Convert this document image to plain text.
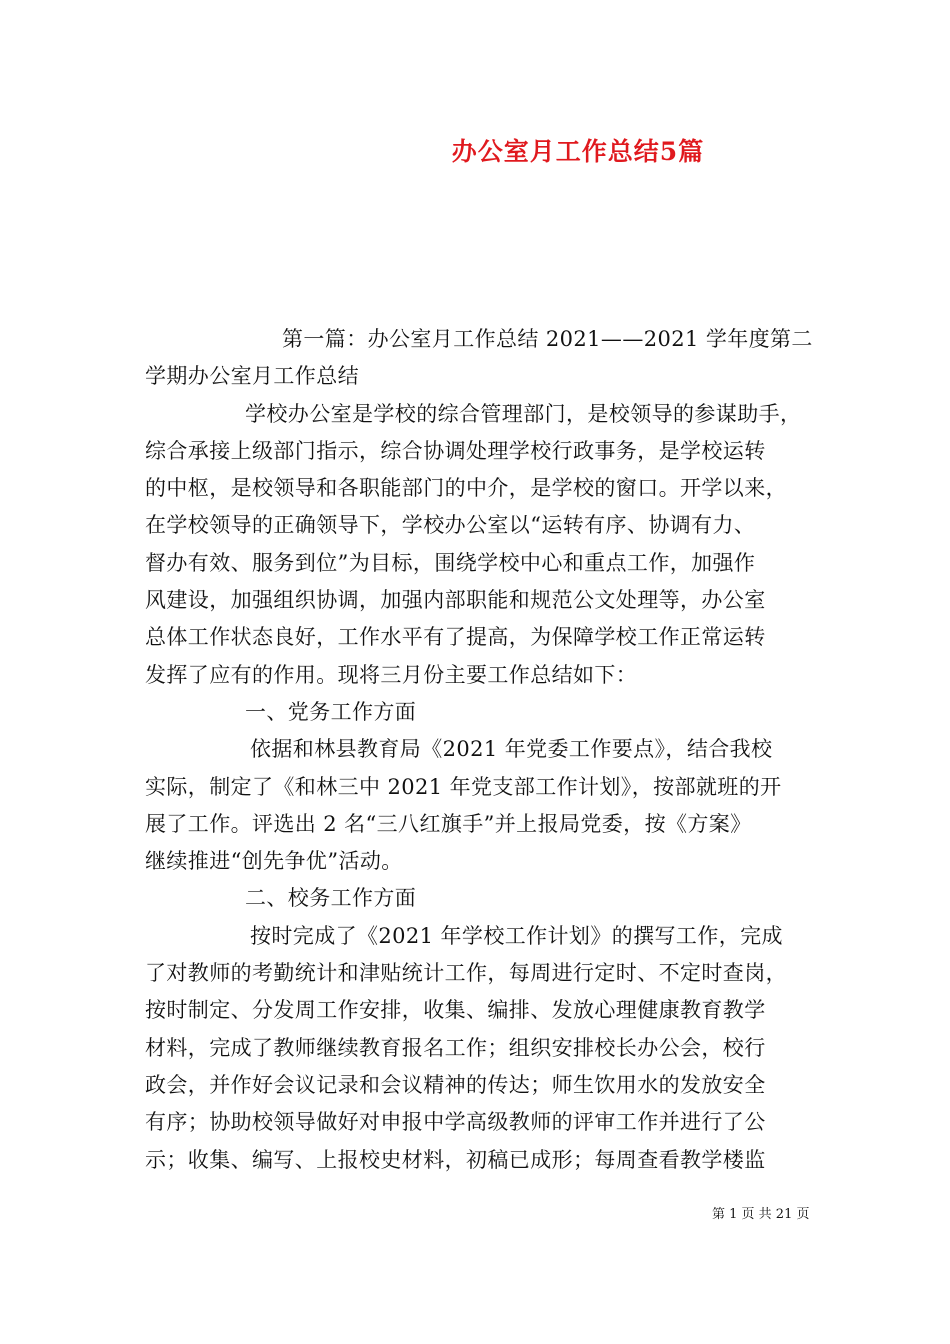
办公室月工作总结5篇
第一篇：办公室月工作总结 2021——2021 学年度第二
学期办公室月工作总结
学校办公室是学校的综合管理部门，是校领导的参谋助手，
综合承接上级部门指示，综合协调处理学校行政事务，是学校运转
的中枢，是校领导和各职能部门的中介，是学校的窗口。开学以来，
在学校领导的正确领导下，学校办公室以“运转有序、协调有力、
督办有效、服务到位”为目标，围绕学校中心和重点工作，加强作
风建设，加强组织协调，加强内部职能和规范公文处理等，办公室
总体工作状态良好，工作水平有了提高，为保障学校工作正常运转
发挥了应有的作用。现将三月份主要工作总结如下：
一、党务工作方面
依据和林县教育局《2021 年党委工作要点》，结合我校
实际，制定了《和林三中 2021 年党支部工作计划》，按部就班的开
展了工作。评选出 2 名“三八红旗手”并上报局党委，按《方案》
继续推进“创先争优”活动。
二、校务工作方面
按时完成了《2021 年学校工作计划》的撰写工作，完成
了对教师的考勤统计和津贴统计工作，每周进行定时、不定时查岗，
按时制定、分发周工作安排，收集、编排、发放心理健康教育教学
材料，完成了教师继续教育报名工作；组织安排校长办公会，校行
政会，并作好会议记录和会议精神的传达；师生饮用水的发放安全
有序；协助校领导做好对申报中学高级教师的评审工作并进行了公
示；收集、编写、上报校史材料，初稿已成形；每周查看教学楼监
第 1 页 共 21 页
